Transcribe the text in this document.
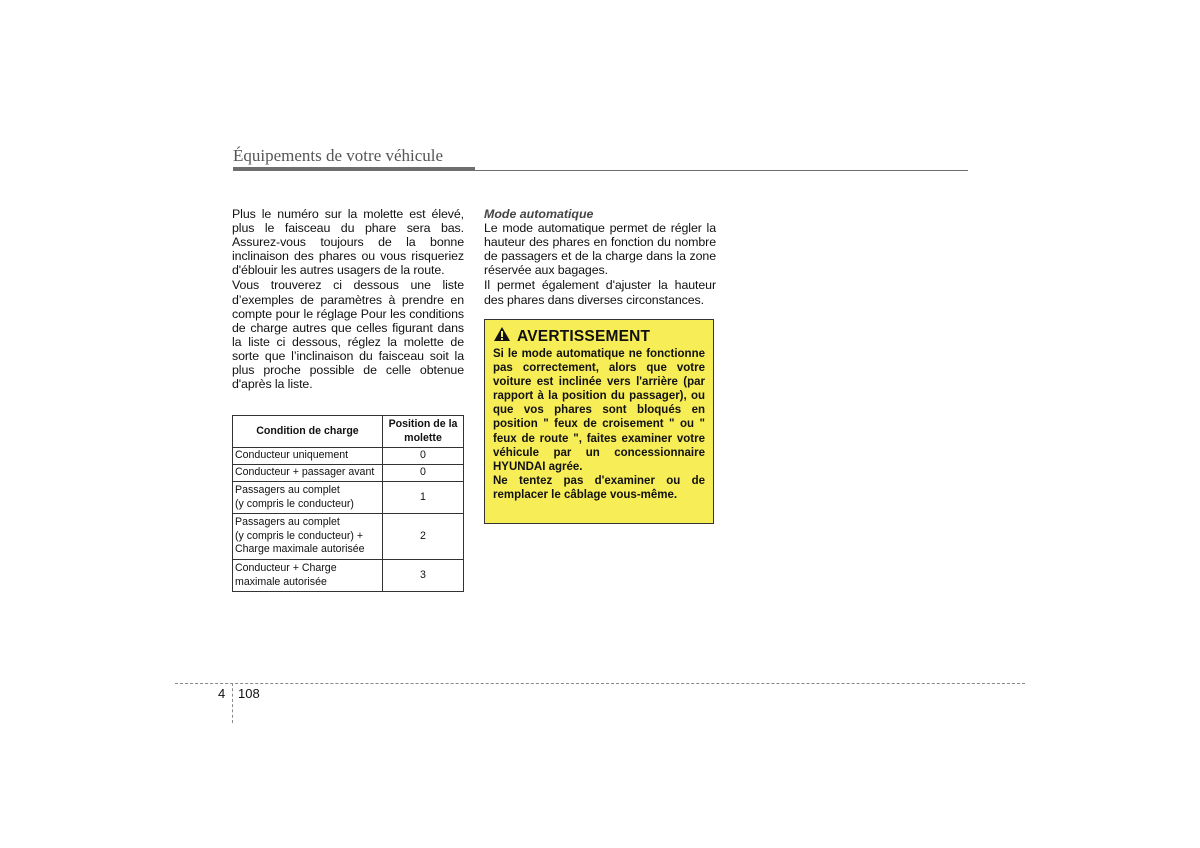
Équipements de votre véhicule

Plus le numéro sur la molette est élevé, plus le faisceau du phare sera bas. Assurez-vous toujours de la bonne inclinaison des phares ou vous risqueriez d'éblouir les autres usagers de la route.

Vous trouverez ci dessous une liste d’exemples de paramètres à prendre en compte pour le réglage Pour les conditions de charge autres que celles figurant dans la liste ci dessous, réglez la molette de sorte que l’inclinaison du faisceau soit la plus proche possible de celle obtenue d'après la liste.

Condition de charge	Position de la molette
Conducteur uniquement	0
Conducteur + passager avant	0
Passagers au complet
(y compris le conducteur)	1
Passagers au complet
(y compris le conducteur) +
Charge maximale autorisée	2
Conducteur + Charge
maximale autorisée	3

Mode automatique

Le mode automatique permet de régler la hauteur des phares en fonction du nombre de passagers et de la charge dans la zone réservée aux bagages.

Il permet également d'ajuster la hauteur des phares dans diverses circonstances.

AVERTISSEMENT

Si le mode automatique ne fonctionne pas correctement, alors que votre voiture est inclinée vers l'arrière (par rapport à la position du passager), ou que vos phares sont bloqués en position " feux de croisement " ou " feux de route ", faites examiner votre véhicule par un concessionnaire HYUNDAI agrée.

Ne tentez pas d'examiner ou de remplacer le câblage vous-même.

4 108
